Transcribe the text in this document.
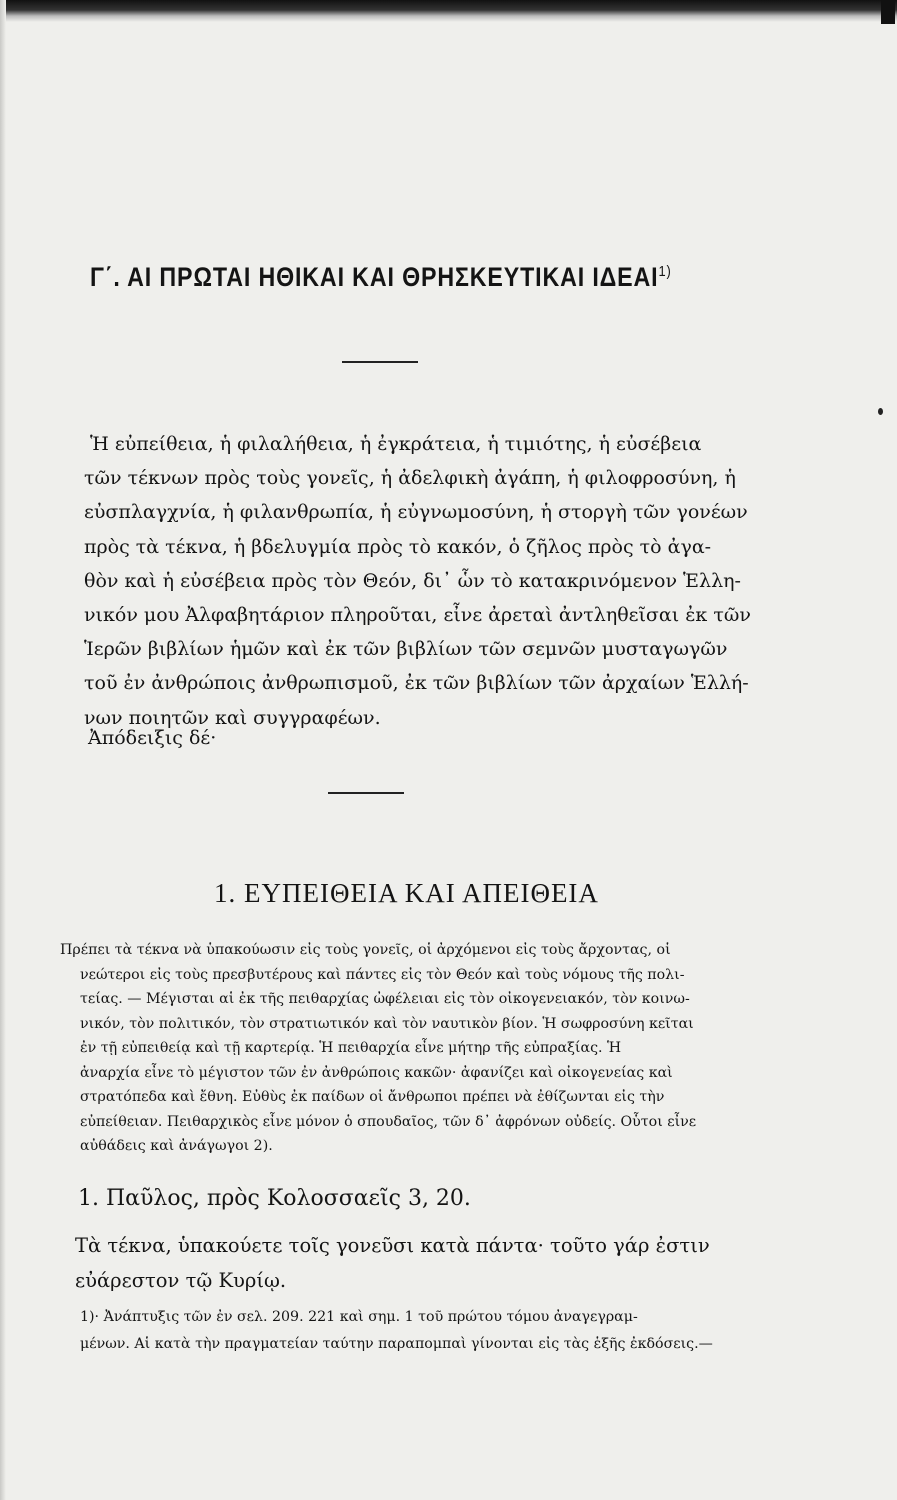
Γ΄. ΑΙ ΠΡΩΤΑΙ ΗΘΙΚΑΙ ΚΑΙ ΘΡΗΣΚΕΥΤΙΚΑΙ ΙΔΕΑΙ$^{1)}$
Ἡ εὐπείθεια, ἡ φιλαλήθεια, ἡ ἐγκράτεια, ἡ τιμιότης, ἡ εὐσέβεια
τῶν τέκνων πρὸς τοὺς γονεῖς, ἡ ἀδελφικὴ ἀγάπη, ἡ φιλοφροσύνη, ἡ
εὐσπλαγχνία, ἡ φιλανθρωπία, ἡ εὐγνωμοσύνη, ἡ στοργὴ τῶν γονέων
πρὸς τὰ τέκνα, ἡ βδελυγμία πρὸς τὸ κακόν, ὁ ζῆλος πρὸς τὸ ἀγα-
θὸν καὶ ἡ εὐσέβεια πρὸς τὸν Θεόν, δι᾿ ὧν τὸ κατακρινόμενον Ἑλλη-
νικόν μου Ἀλφαβητάριον πληροῦται, εἶνε ἀρεταὶ ἀντληθεῖσαι ἐκ τῶν
Ἱερῶν βιβλίων ἡμῶν καὶ ἐκ τῶν βιβλίων τῶν σεμνῶν μυσταγωγῶν
τοῦ ἐν ἀνθρώποις ἀνθρωπισμοῦ, ἐκ τῶν βιβλίων τῶν ἀρχαίων Ἑλλή-
νων ποιητῶν καὶ συγγραφέων.
Ἀπόδειξις δέ·
1. ΕΥΠΕΙΘΕΙΑ ΚΑΙ ΑΠΕΙΘΕΙΑ
Πρέπει τὰ τέκνα νὰ ὑπακούωσιν εἰς τοὺς γονεῖς, οἱ ἀρχόμενοι εἰς τοὺς ἄρχοντας, οἱ
νεώτεροι εἰς τοὺς πρεσβυτέρους καὶ πάντες εἰς τὸν Θεόν καὶ τοὺς νόμους τῆς πολι-
τείας. — Μέγισται αἱ ἐκ τῆς πειθαρχίας ὠφέλειαι εἰς τὸν οἰκογενειακόν, τὸν κοινω-
νικόν, τὸν πολιτικόν, τὸν στρατιωτικόν καὶ τὸν ναυτικὸν βίον. Ἡ σωφροσύνη κεῖται
ἐν τῇ εὐπειθείᾳ καὶ τῇ καρτερίᾳ. Ἡ πειθαρχία εἶνε μήτηρ τῆς εὐπραξίας. Ἡ
ἀναρχία εἶνε τὸ μέγιστον τῶν ἐν ἀνθρώποις κακῶν· ἀφανίζει καὶ οἰκογενείας καὶ
στρατόπεδα καὶ ἔθνη. Εὐθὺς ἐκ παίδων οἱ ἄνθρωποι πρέπει νὰ ἐθίζωνται εἰς τὴν
εὐπείθειαν. Πειθαρχικὸς εἶνε μόνον ὁ σπουδαῖος, τῶν δ᾿ ἀφρόνων οὐδείς. Οὗτοι εἶνε
αὐθάδεις καὶ ἀνάγωγοι 2).
1. Παῦλος, πρὸς Κολοσσαεῖς 3, 20.
Τὰ τέκνα, ὑπακούετε τοῖς γονεῦσι κατὰ πάντα· τοῦτο γάρ ἐστιν
εὐάρεστον τῷ Κυρίῳ.
1)· Ἀνάπτυξις τῶν ἐν σελ. 209. 221 καὶ σημ. 1 τοῦ πρώτου τόμου ἀναγεγραμ-
μένων. Αἱ κατὰ τὴν πραγματείαν ταύτην παραπομπαὶ γίνονται εἰς τὰς ἑξῆς ἐκδόσεις.—
